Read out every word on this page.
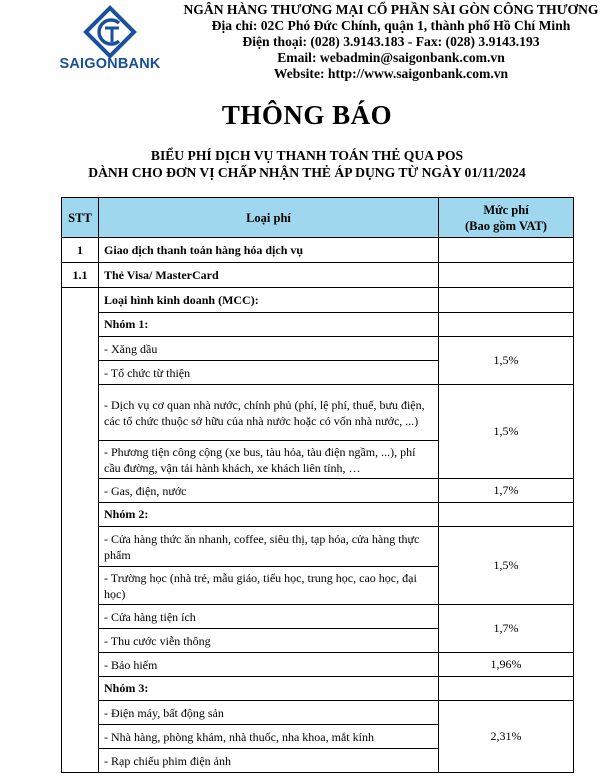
SAIGONBANK
NGÂN HÀNG THƯƠNG MẠI CỔ PHẦN SÀI GÒN CÔNG THƯƠNG
Địa chỉ: 02C Phó Đức Chính, quận 1, thành phố Hồ Chí Minh
Điện thoại: (028) 3.9143.183 - Fax: (028) 3.9143.193
Email: webadmin@saigonbank.com.vn
Website: http://www.saigonbank.com.vn
THÔNG BÁO
BIỂU PHÍ DỊCH VỤ THANH TOÁN THẺ QUA POS
DÀNH CHO ĐƠN VỊ CHẤP NHẬN THẺ ÁP DỤNG TỪ NGÀY 01/11/2024
STT	Loại phí	Mức phí
(Bao gồm VAT)

1	Giao dịch thanh toán hàng hóa dịch vụ	
1.1	Thẻ Visa/ MasterCard	
	Loại hình kinh doanh (MCC):	
	Nhóm 1:	
	- Xăng dầu	1,5%
	- Tổ chức từ thiện	
	- Dịch vụ cơ quan nhà nước, chính phủ (phí, lệ phí, thuế, bưu điện, các tổ chức thuộc sở hữu của nhà nước hoặc có vốn nhà nước, ...)	1,5%
	- Phương tiện công cộng (xe bus, tàu hỏa, tàu điện ngầm, ...), phí cầu đường, vận tải hành khách, xe khách liên tỉnh, …	
	- Gas, điện, nước	1,7%
	Nhóm 2:	
	- Cửa hàng thức ăn nhanh, coffee, siêu thị, tạp hóa, cửa hàng thực phẩm	1,5%
	- Trường học (nhà trẻ, mẫu giáo, tiểu học, trung học, cao học, đại học)	
	- Cửa hàng tiện ích	1,7%
	- Thu cước viễn thông	
	- Bảo hiểm	1,96%
	Nhóm 3:	
	- Điện máy, bất động sản	2,31%
	- Nhà hàng, phòng khám, nhà thuốc, nha khoa, mắt kính	
	- Rạp chiếu phim điện ảnh	
